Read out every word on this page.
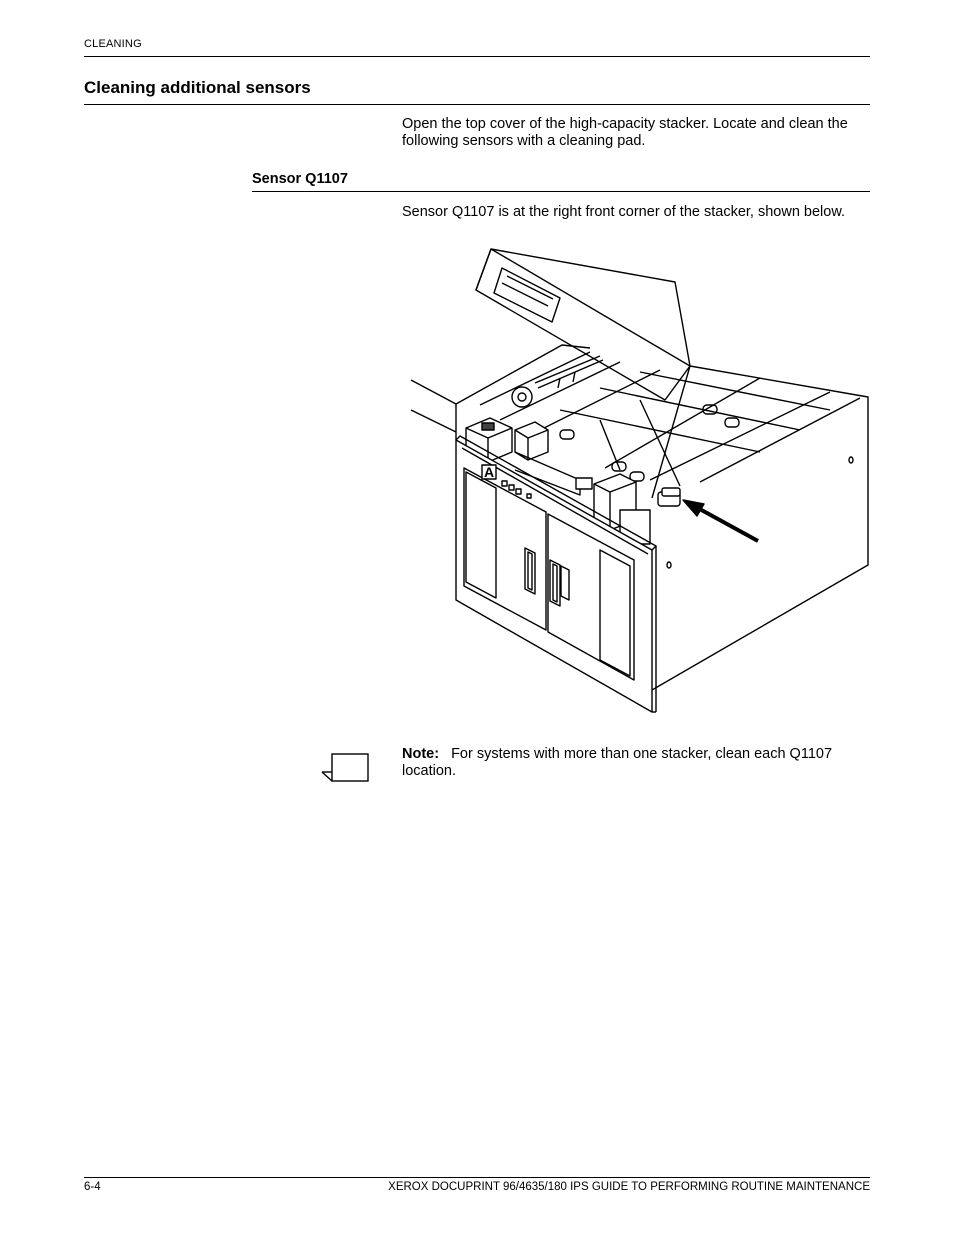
CLEANING
Cleaning additional sensors
Open the top cover of the high-capacity stacker. Locate and clean the following sensors with a cleaning pad.
Sensor Q1107
Sensor Q1107 is at the right front corner of the stacker, shown below.
A
Note: For systems with more than one stacker, clean each Q1107 location.
6-4	XEROX DOCUPRINT 96/4635/180 IPS GUIDE TO PERFORMING ROUTINE MAINTENANCE
